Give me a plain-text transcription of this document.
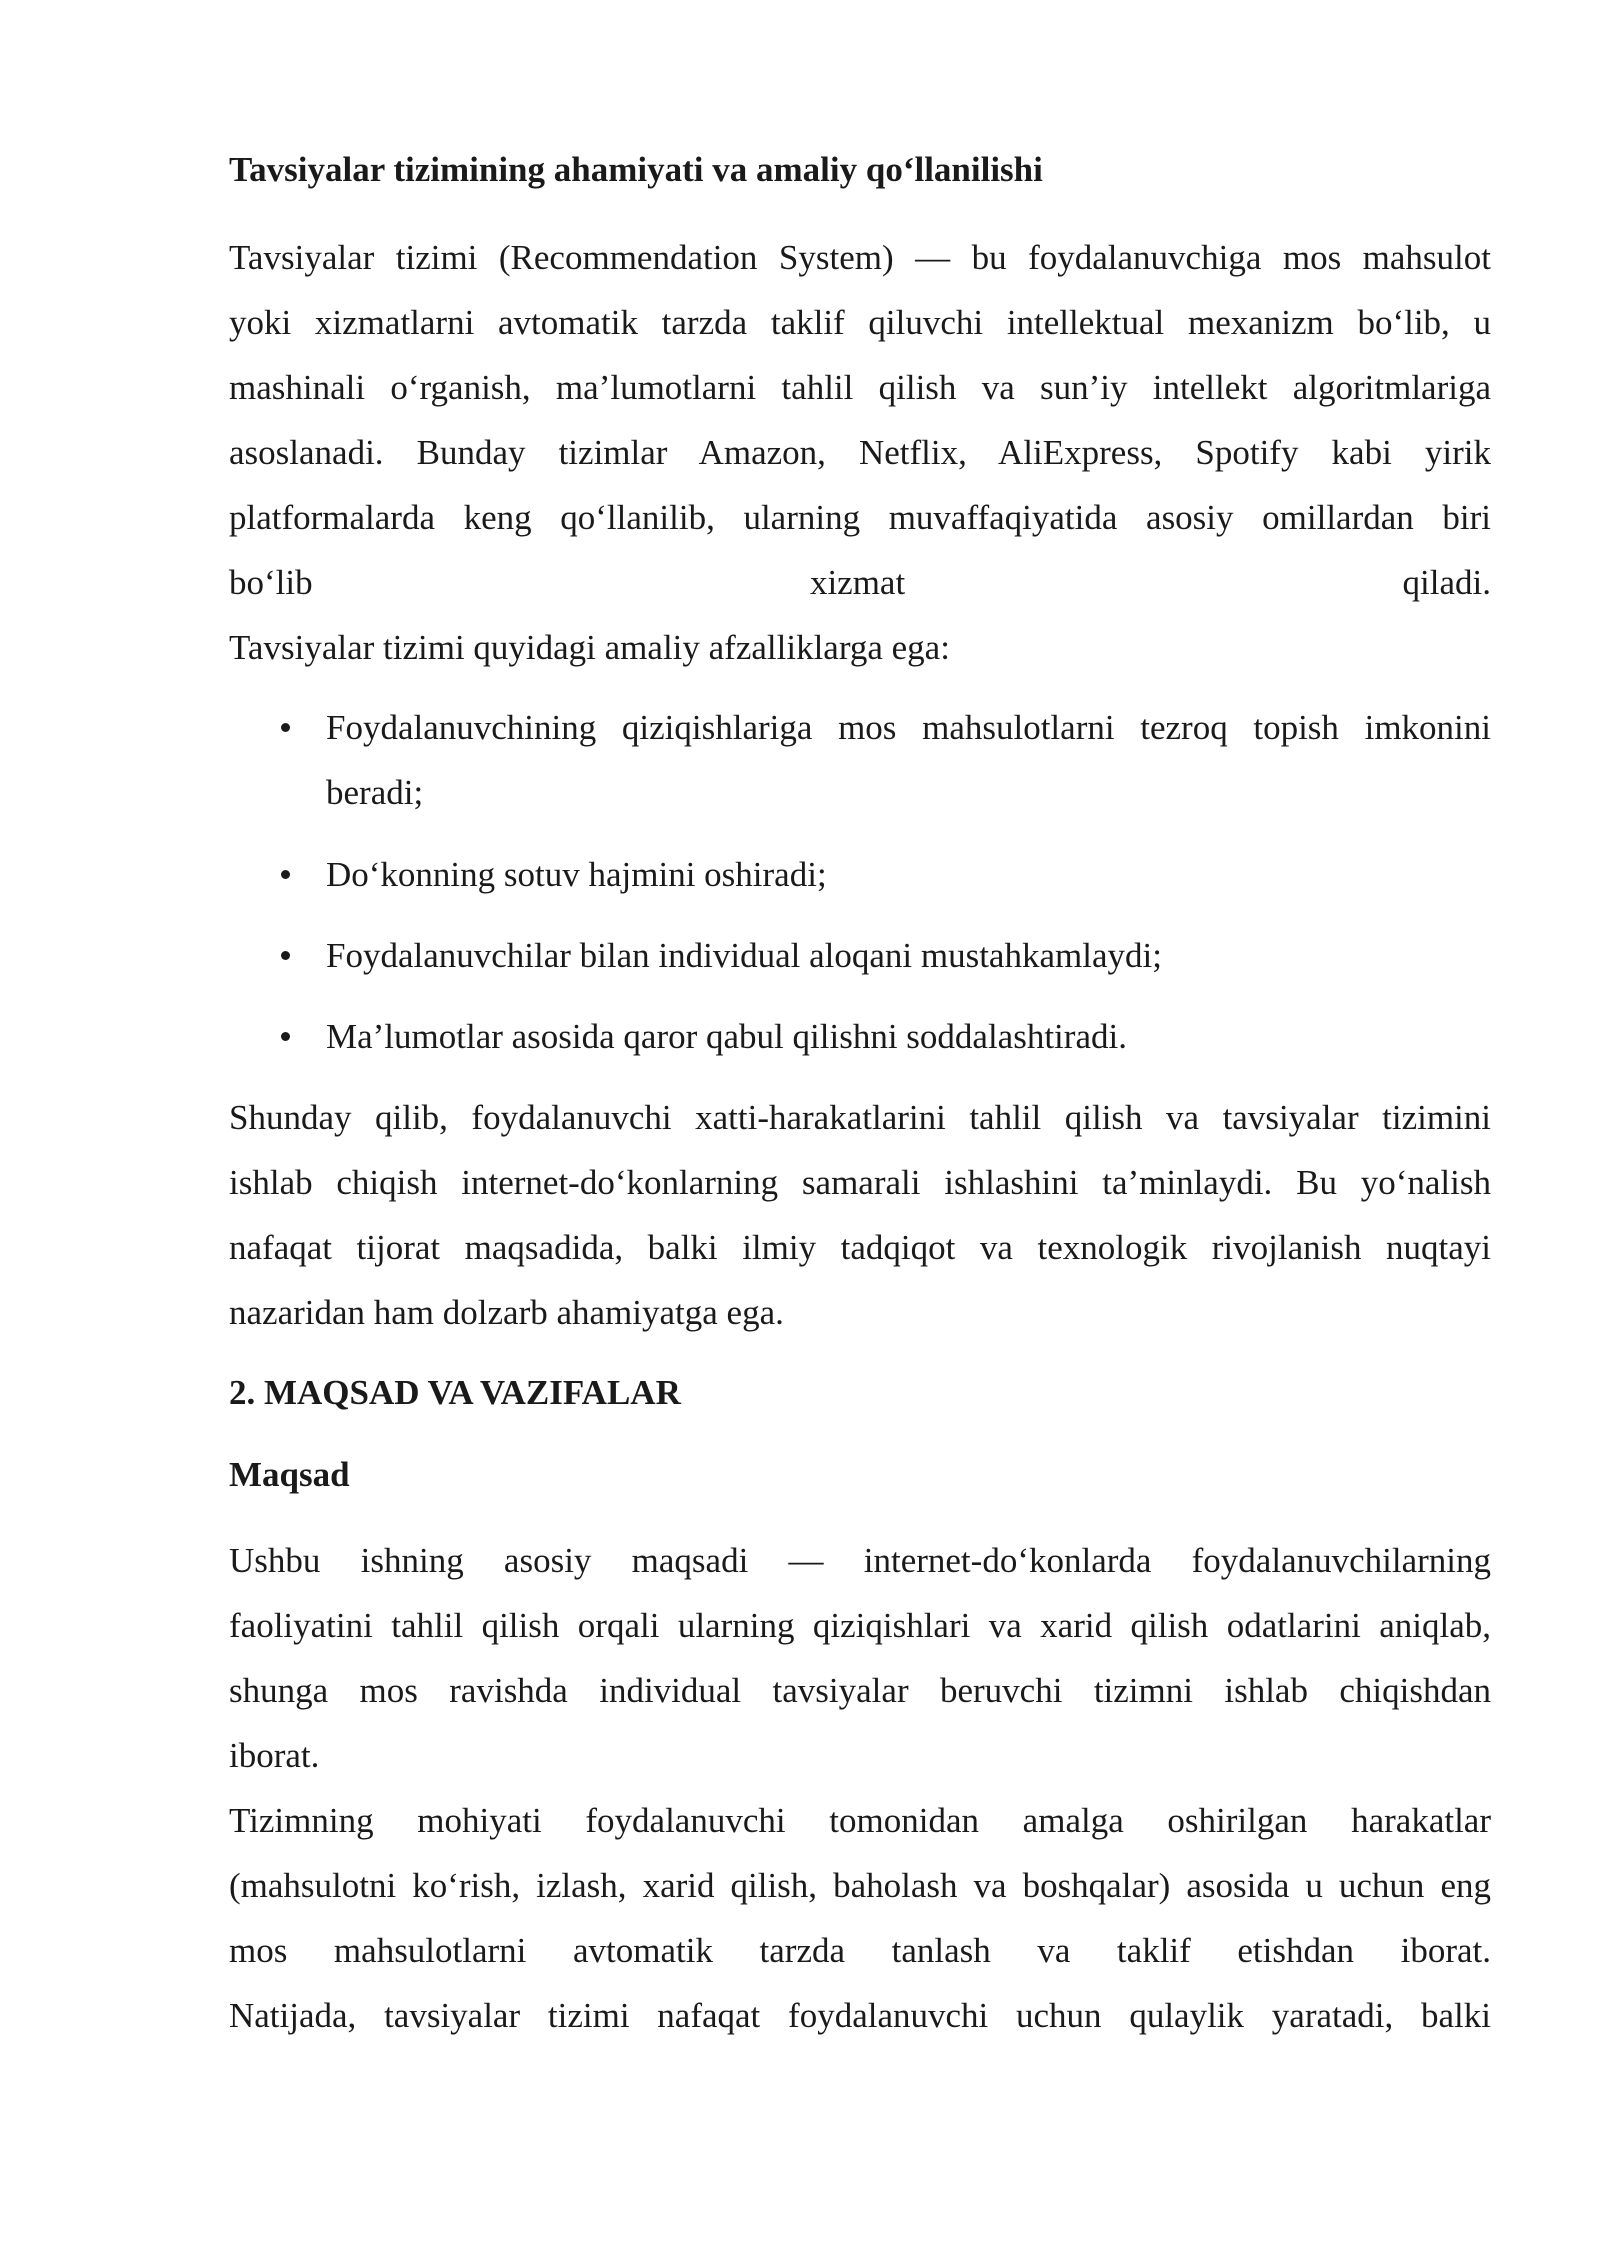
Tavsiyalar tizimining ahamiyati va amaliy qo‘llanilishi

Tavsiyalar tizimi (Recommendation System) — bu foydalanuvchiga mos mahsulot

yoki xizmatlarni avtomatik tarzda taklif qiluvchi intellektual mexanizm bo‘lib, u

mashinali o‘rganish, ma’lumotlarni tahlil qilish va sun’iy intellekt algoritmlariga

asoslanadi. Bunday tizimlar Amazon, Netflix, AliExpress, Spotify kabi yirik

platformalarda keng qo‘llanilib, ularning muvaffaqiyatida asosiy omillardan biri

bo‘lib xizmat qiladi.

Tavsiyalar tizimi quyidagi amaliy afzalliklarga ega:

Foydalanuvchining qiziqishlariga mos mahsulotlarni tezroq topish imkonini beradi;
Do‘konning sotuv hajmini oshiradi;
Foydalanuvchilar bilan individual aloqani mustahkamlaydi;
Ma’lumotlar asosida qaror qabul qilishni soddalashtiradi.

Shunday qilib, foydalanuvchi xatti-harakatlarini tahlil qilish va tavsiyalar tizimini

ishlab chiqish internet-do‘konlarning samarali ishlashini ta’minlaydi. Bu yo‘nalish

nafaqat tijorat maqsadida, balki ilmiy tadqiqot va texnologik rivojlanish nuqtayi

nazaridan ham dolzarb ahamiyatga ega.

2. MAQSAD VA VAZIFALAR
Maqsad

Ushbu ishning asosiy maqsadi — internet-do‘konlarda foydalanuvchilarning

faoliyatini tahlil qilish orqali ularning qiziqishlari va xarid qilish odatlarini aniqlab,

shunga mos ravishda individual tavsiyalar beruvchi tizimni ishlab chiqishdan

iborat.

Tizimning mohiyati foydalanuvchi tomonidan amalga oshirilgan harakatlar

(mahsulotni ko‘rish, izlash, xarid qilish, baholash va boshqalar) asosida u uchun eng

mos mahsulotlarni avtomatik tarzda tanlash va taklif etishdan iborat.

Natijada, tavsiyalar tizimi nafaqat foydalanuvchi uchun qulaylik yaratadi, balki
